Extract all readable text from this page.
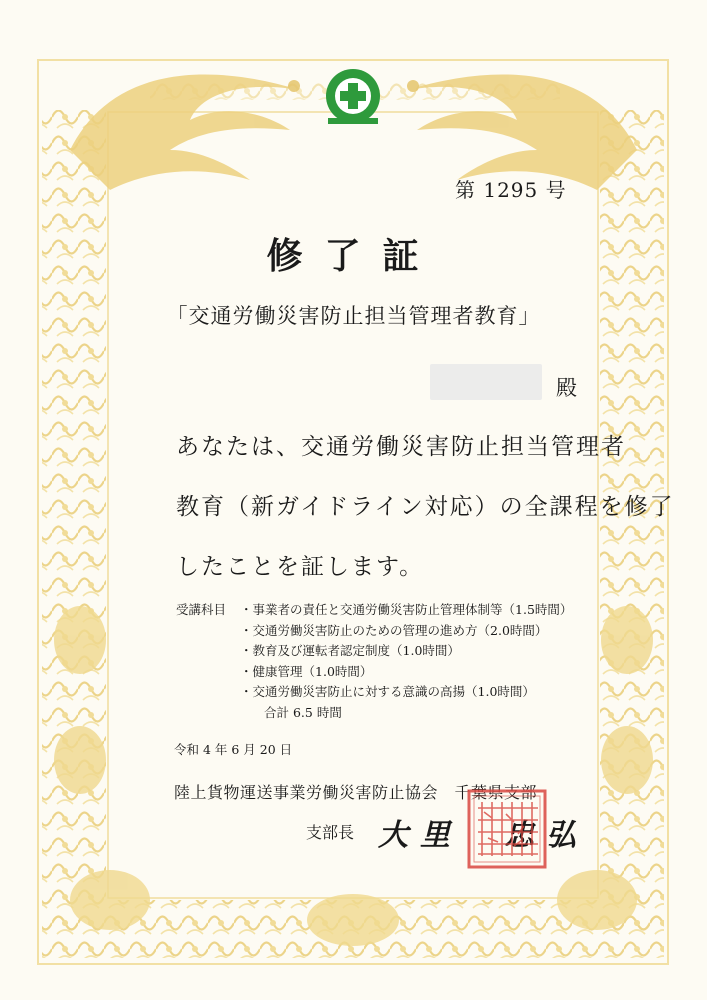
第 1295 号
修了証
「交通労働災害防止担当管理者教育」
殿
あなたは、交通労働災害防止担当管理者
教育（新ガイドライン対応）の全課程を修了
したことを証します。
受講科目
・	事業者の責任と交通労働災害防止管理体制等（1.5時間）
・ 交通労働災害防止のための管理の進め方（2.0時間）
・ 教育及び運転者認定制度（1.0時間）
・ 健康管理（1.0時間）
・ 交通労働災害防止に対する意識の高揚（1.0時間）
合計 6.5 時間
令和 4 年 6 月 20 日
陸上貨物運送事業労働災害防止協会　千葉県支部
支部長 大里　忠弘
